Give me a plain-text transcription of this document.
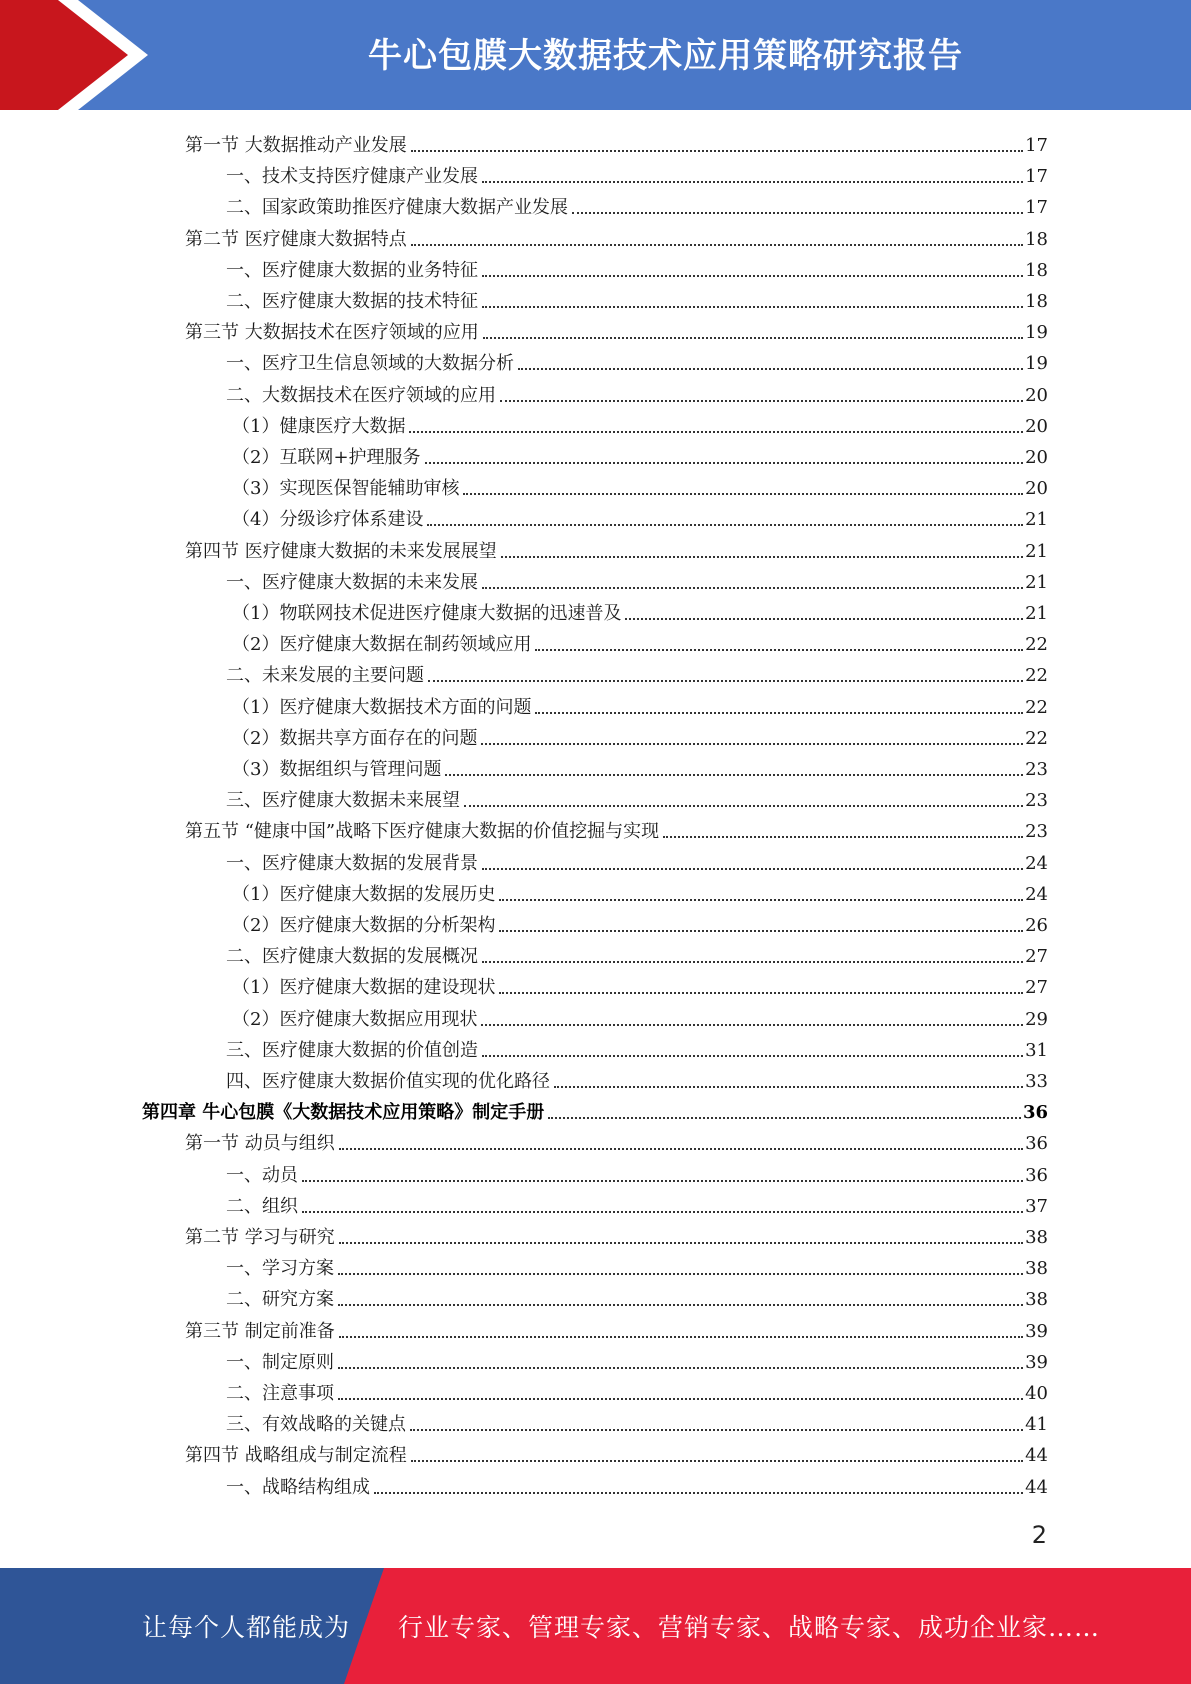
牛心包膜大数据技术应用策略研究报告
第一节 大数据推动产业发展	17
一、技术支持医疗健康产业发展	17
二、国家政策助推医疗健康大数据产业发展	17
第二节 医疗健康大数据特点	18
一、医疗健康大数据的业务特征	18
二、医疗健康大数据的技术特征	18
第三节 大数据技术在医疗领域的应用	19
一、医疗卫生信息领域的大数据分析	19
二、大数据技术在医疗领域的应用	20
（1）健康医疗大数据	20
（2）互联网+护理服务	20
（3）实现医保智能辅助审核	20
（4）分级诊疗体系建设	21
第四节 医疗健康大数据的未来发展展望	21
一、医疗健康大数据的未来发展	21
（1）物联网技术促进医疗健康大数据的迅速普及	21
（2）医疗健康大数据在制药领域应用	22
二、未来发展的主要问题	22
（1）医疗健康大数据技术方面的问题	22
（2）数据共享方面存在的问题	22
（3）数据组织与管理问题	23
三、医疗健康大数据未来展望	23
第五节 “健康中国”战略下医疗健康大数据的价值挖掘与实现	23
一、医疗健康大数据的发展背景	24
（1）医疗健康大数据的发展历史	24
（2）医疗健康大数据的分析架构	26
二、医疗健康大数据的发展概况	27
（1）医疗健康大数据的建设现状	27
（2）医疗健康大数据应用现状	29
三、医疗健康大数据的价值创造	31
四、医疗健康大数据价值实现的优化路径	33
第四章 牛心包膜《大数据技术应用策略》制定手册	36
第一节 动员与组织	36
一、动员	36
二、组织	37
第二节 学习与研究	38
一、学习方案	38
二、研究方案	38
第三节 制定前准备	39
一、制定原则	39
二、注意事项	40
三、有效战略的关键点	41
第四节 战略组成与制定流程	44
一、战略结构组成	44
2
让每个人都能成为 行业专家、管理专家、营销专家、战略专家、成功企业家……
